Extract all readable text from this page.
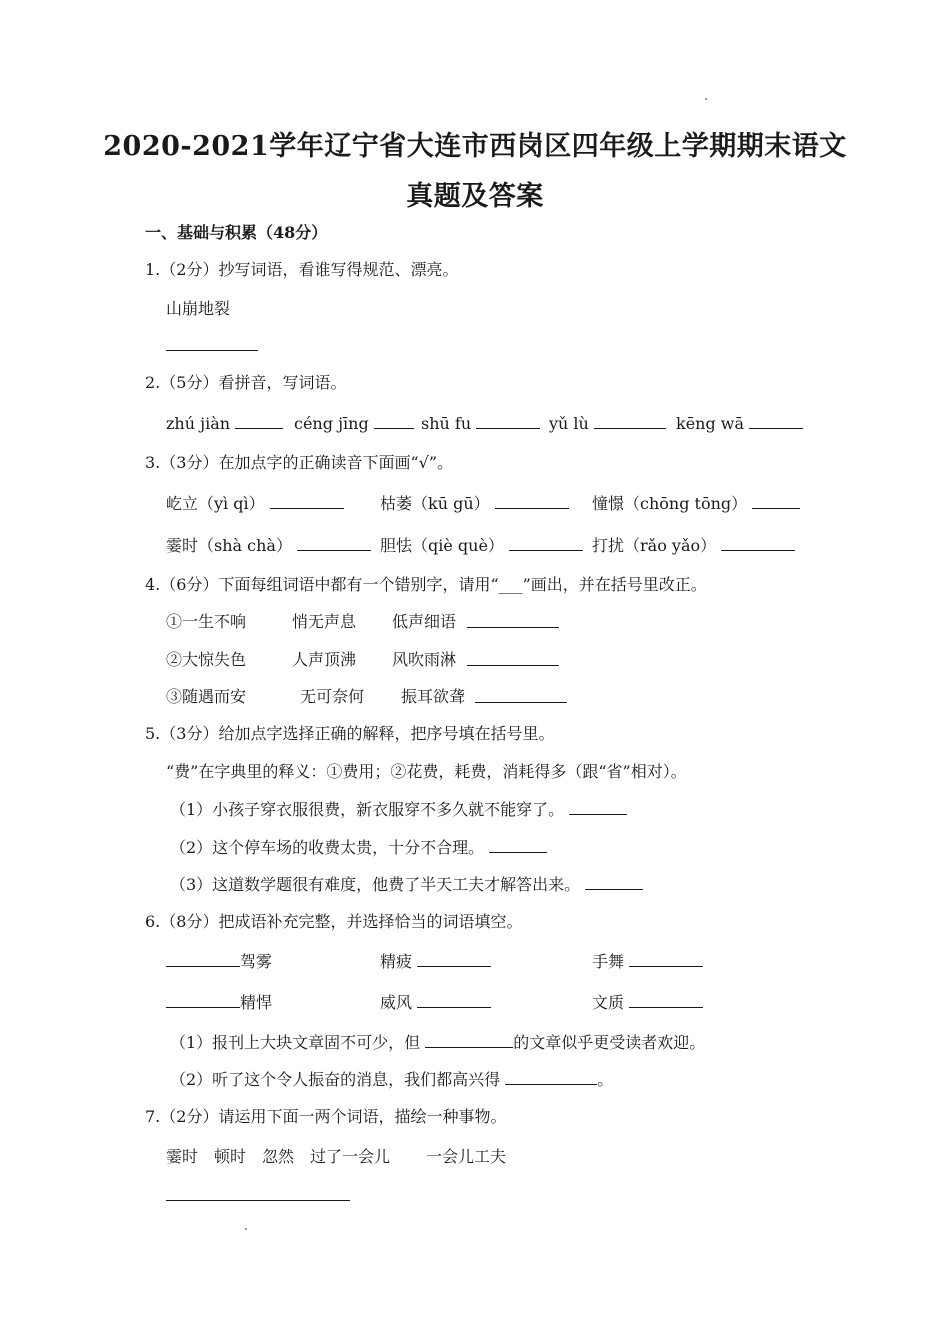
2020-2021学年辽宁省大连市西岗区四年级上学期期末语文
真题及答案
一、基础与积累（48分）
1.（2分）抄写词语，看谁写得规范、漂亮。
山崩地裂
2.（5分）看拼音，写词语。
zhú jiàn	céng jīng	shū fu	yǔ lù	kēng wā
3.（3分）在加点字的正确读音下面画“√”。
屹立（yì qì）	枯萎（kū gū）	憧憬（chōng tōng）
霎时（shà chà）	胆怯（qiè què）	打扰（rǎo yǎo）
4.（6分）下面每组词语中都有一个错别字，请用“___”画出，并在括号里改正。
①一生不响	悄无声息 低声细语
②大惊失色	人声顶沸 风吹雨淋
③随遇而安	无可奈何 振耳欲聋
5.（3分）给加点字选择正确的解释，把序号填在括号里。
“费”在字典里的释义：①费用；②花费，耗费，消耗得多（跟“省”相对）。
（1）小孩子穿衣服很费，新衣服穿不多久就不能穿了。
（2）这个停车场的收费太贵，十分不合理。
（3）这道数学题很有难度，他费了半天工夫才解答出来。
6.（8分）把成语补充完整，并选择恰当的词语填空。
驾雾	精疲	手舞
精悍	威风	文质
（1）报刊上大块文章固不可少，但	的文章似乎更受读者欢迎。
（2）听了这个令人振奋的消息，我们都高兴得	。
7.（2分）请运用下面一两个词语，描绘一种事物。
霎时 顿时 忽然 过了一会儿 一会儿工夫
